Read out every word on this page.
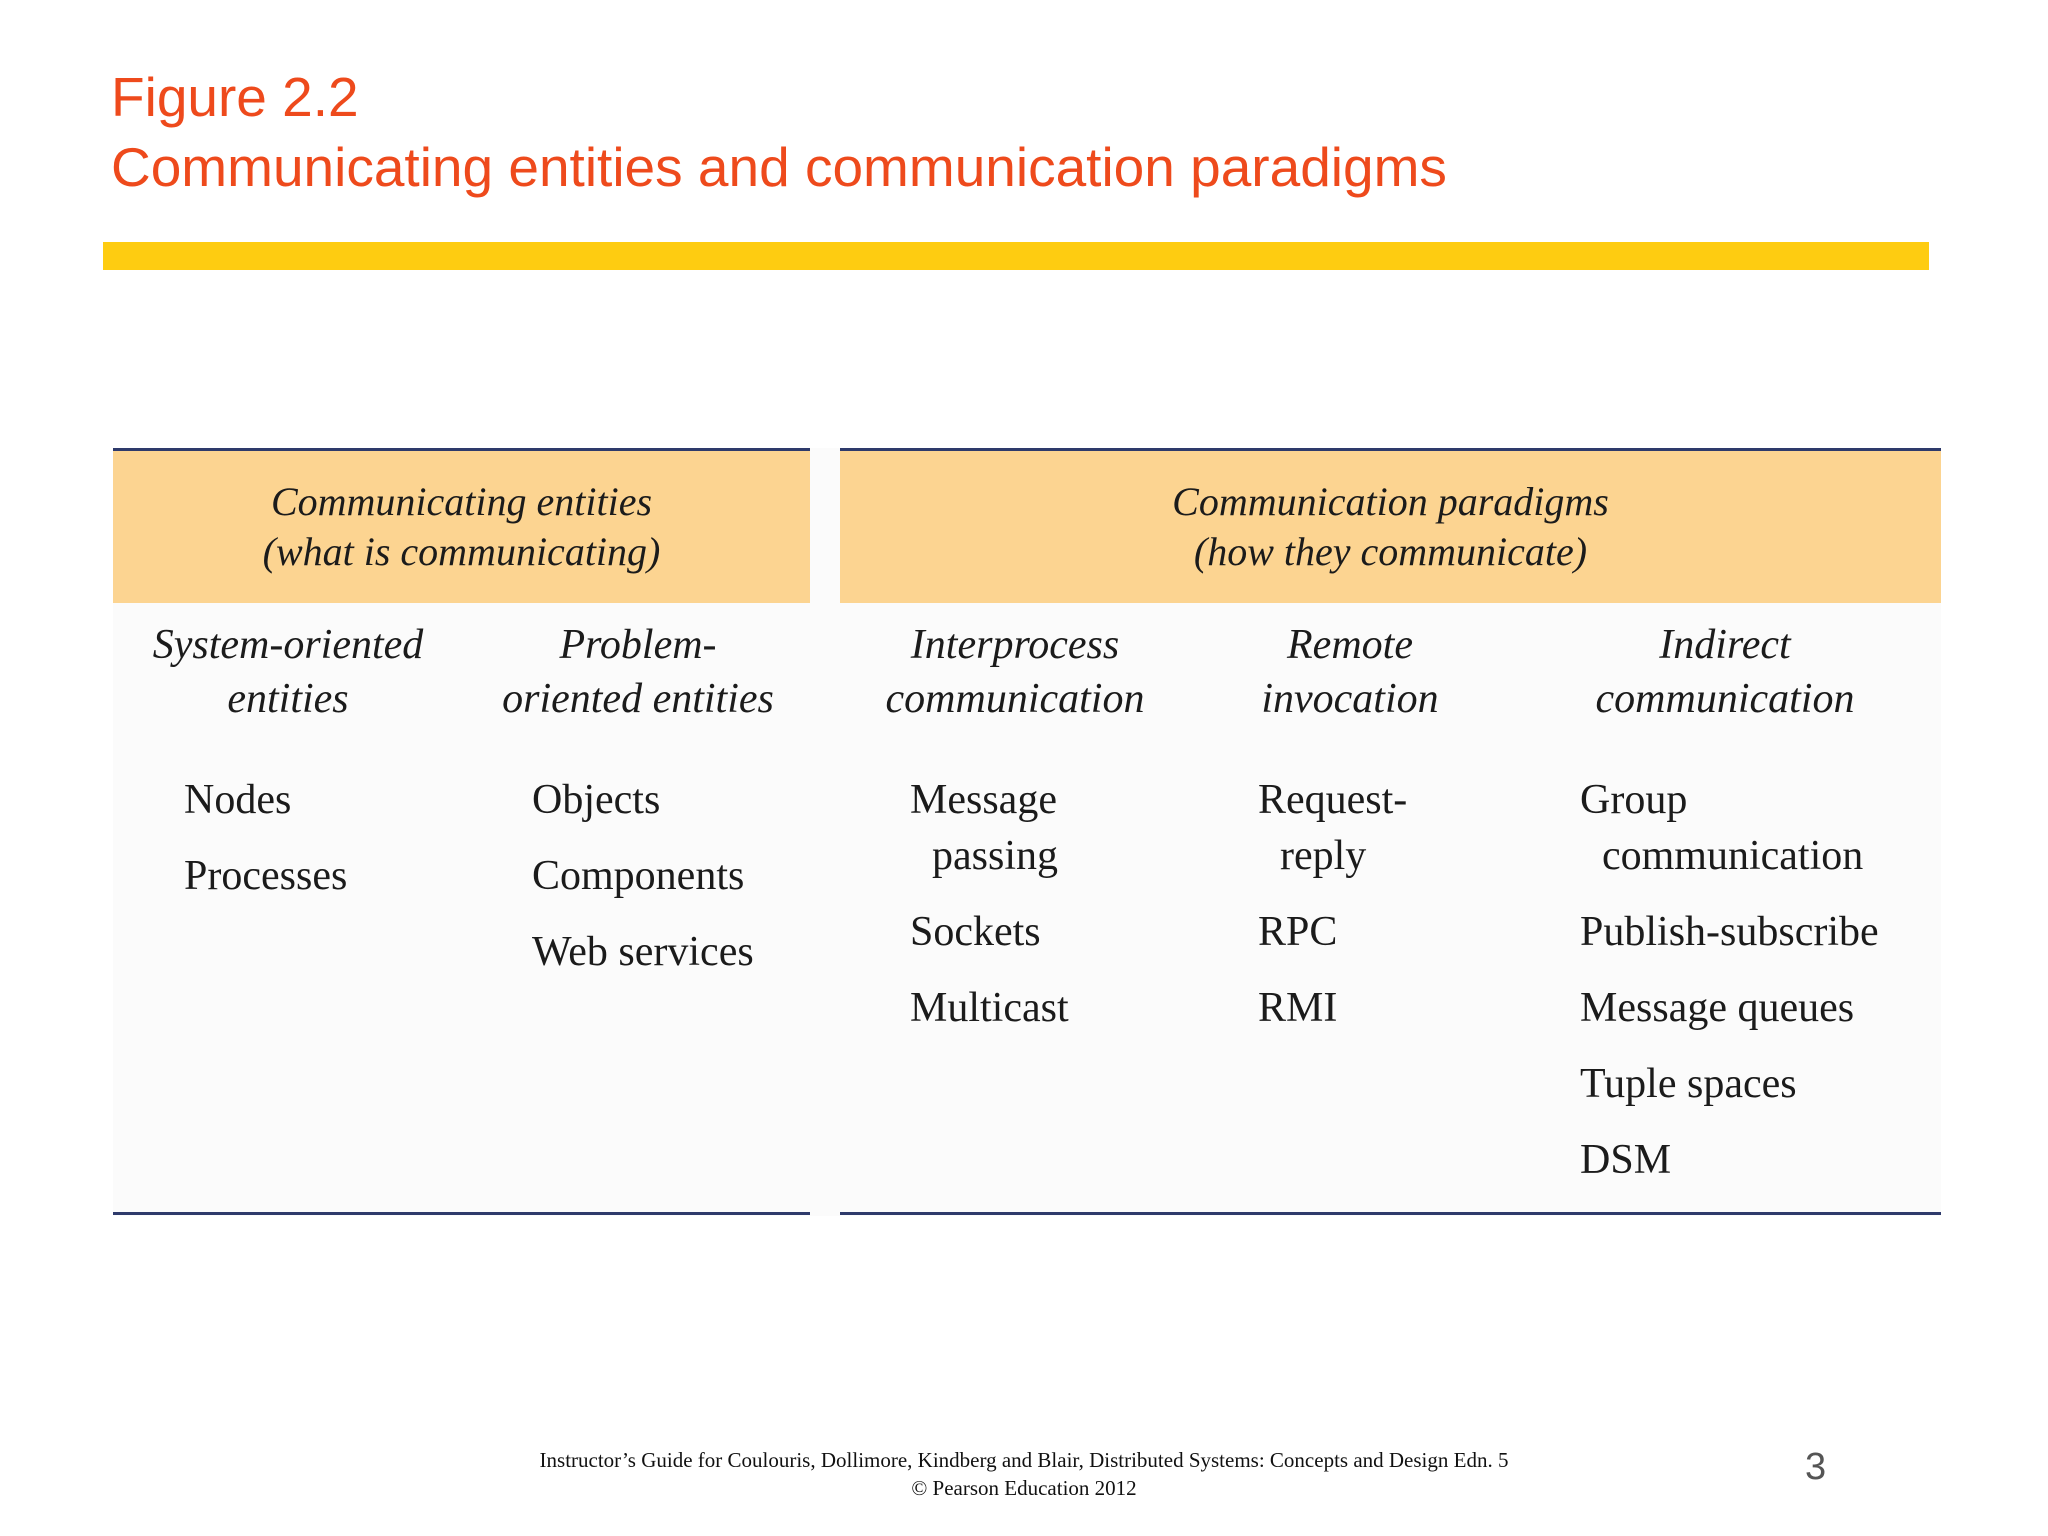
Figure 2.2
Communicating entities and communication paradigms
Communicating entities
(what is communicating)
Communication paradigms
(how they communicate)
System-oriented
entities
Problem-
oriented entities
Interprocess
communication
Remote
invocation
Indirect
communication
Nodes
Processes
Objects
Components
Web services
Message
passing
Sockets
Multicast
Request-
reply
RPC
RMI
Group
communication
Publish-subscribe
Message queues
Tuple spaces
DSM
Instructor’s Guide for Coulouris, Dollimore, Kindberg and Blair, Distributed Systems: Concepts and Design Edn. 5
© Pearson Education 2012	3
